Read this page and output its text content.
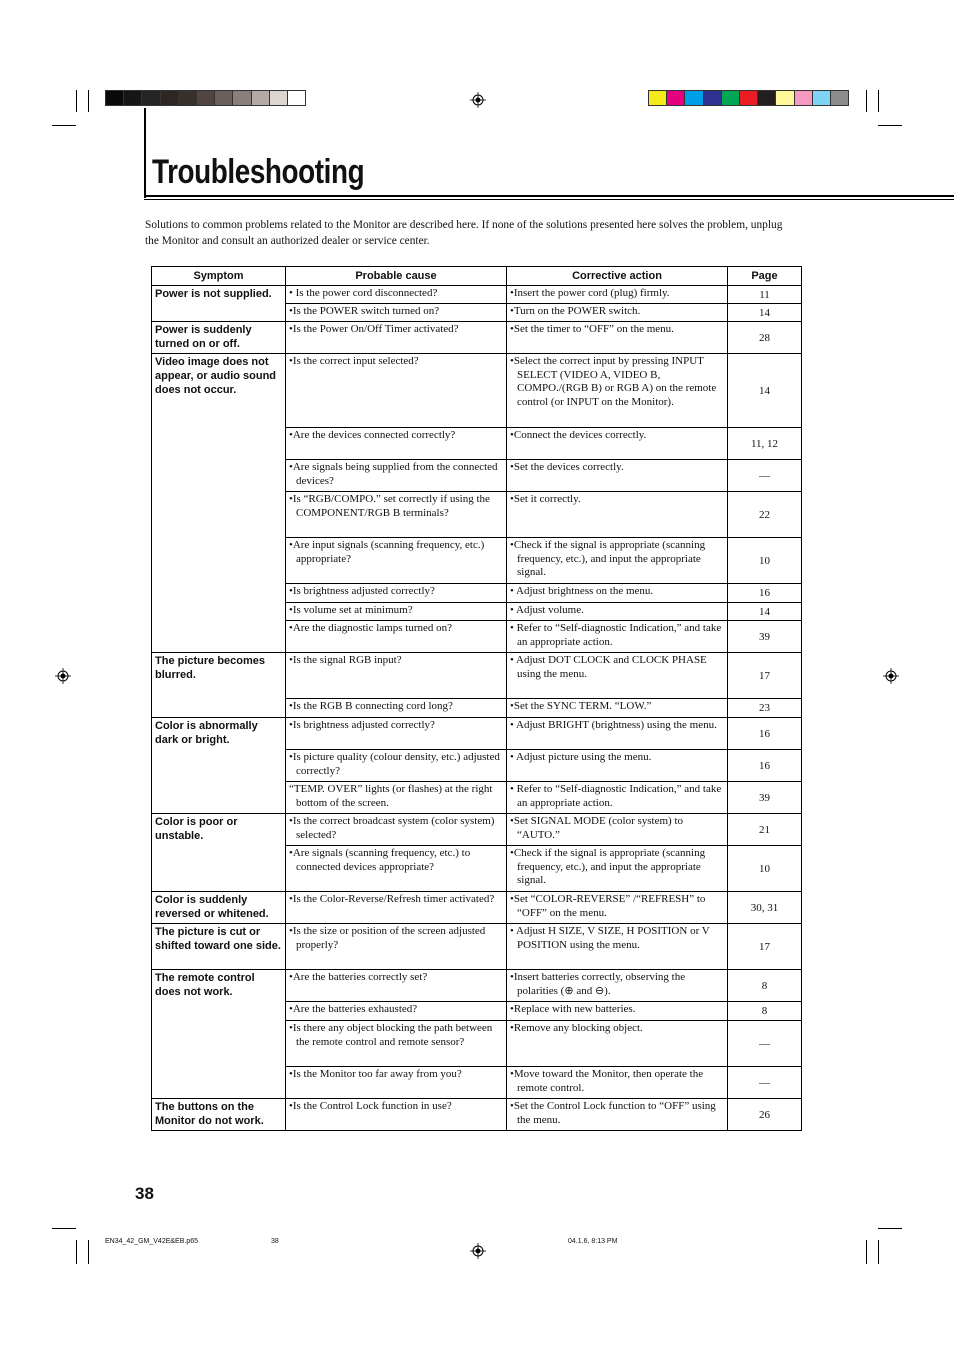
Troubleshooting
Solutions to common problems related to the Monitor are described here. If none of the solutions presented here solves the problem, unplug the Monitor and consult an authorized dealer or service center.
Symptom	Probable cause	Corrective action	Page
Power is not supplied.	• Is the power cord disconnected?	•Insert the power cord (plug) firmly.	11

	•Is the POWER switch turned on?	•Turn on the POWER switch.	14
Power is suddenly turned on or off.	•Is the Power On/Off Timer activated?	•Set the timer to “OFF” on the menu.	28
Video image does not appear, or audio sound does not occur.	•Is the correct input selected?	•Select the correct input by pressing INPUT SELECT (VIDEO A, VIDEO B, COMPO./(RGB B) or RGB A) on the remote control (or INPUT on the Monitor).	14

	•Are the devices connected correctly?	•Connect the devices correctly.	11, 12

	•Are signals being supplied from the connected devices?	•Set the devices correctly.	—

	•Is “RGB/COMPO.” set correctly if using the COMPONENT/RGB B terminals?	•Set it correctly.	22

	•Are input signals (scanning frequency, etc.) appropriate?	•Check if the signal is appropriate (scanning frequency, etc.), and input the appropriate signal.	10

	•Is brightness adjusted correctly?	• Adjust brightness on the menu.	16

	•Is volume set at minimum?	• Adjust volume.	14

	•Are the diagnostic lamps turned on?	• Refer to “Self-diagnostic Indication,” and take an appropriate action.	39
The picture becomes blurred.	•Is the signal RGB input?	• Adjust DOT CLOCK and CLOCK PHASE using the menu.	17

	•Is the RGB B connecting cord long?	•Set the SYNC TERM. “LOW.”	23
Color is abnormally dark or bright.	•Is brightness adjusted correctly?	• Adjust BRIGHT (brightness) using the menu.	16

	•Is picture quality (colour density, etc.) adjusted correctly?	• Adjust picture using the menu.	16

	“TEMP. OVER” lights (or flashes) at the right bottom of the screen.	• Refer to “Self-diagnostic Indication,” and take an appropriate action.	39
Color is poor or unstable.	•Is the correct broadcast system (color system) selected?	•Set SIGNAL MODE (color system) to “AUTO.”	21

	•Are signals (scanning frequency, etc.) to connected devices appropriate?	•Check if the signal is appropriate (scanning frequency, etc.), and input the appropriate signal.	10
Color is suddenly reversed or whitened.	•Is the Color-Reverse/Refresh timer activated?	•Set “COLOR-REVERSE” /“REFRESH” to “OFF” on the menu.	30, 31
The picture is cut or shifted toward one side.	•Is the size or position of the screen adjusted properly?	• Adjust H SIZE, V SIZE, H POSITION or V POSITION using the menu.	17
The remote control does not work.	•Are the batteries correctly set?	•Insert batteries correctly, observing the polarities (⊕ and ⊖).	8

	•Are the batteries exhausted?	•Replace with new batteries.	8

	•Is there any object blocking the path between the remote control and remote sensor?	•Remove any blocking object.	—

	•Is the Monitor too far away from you?	•Move toward the Monitor, then operate the remote control.	—
The buttons on the Monitor do not work.	•Is the Control Lock function in use?	•Set the Control Lock function to “OFF” using the menu.	26
38
EN34_42_GM_V42E&EB.p65	38	04.1.6, 8:13 PM
